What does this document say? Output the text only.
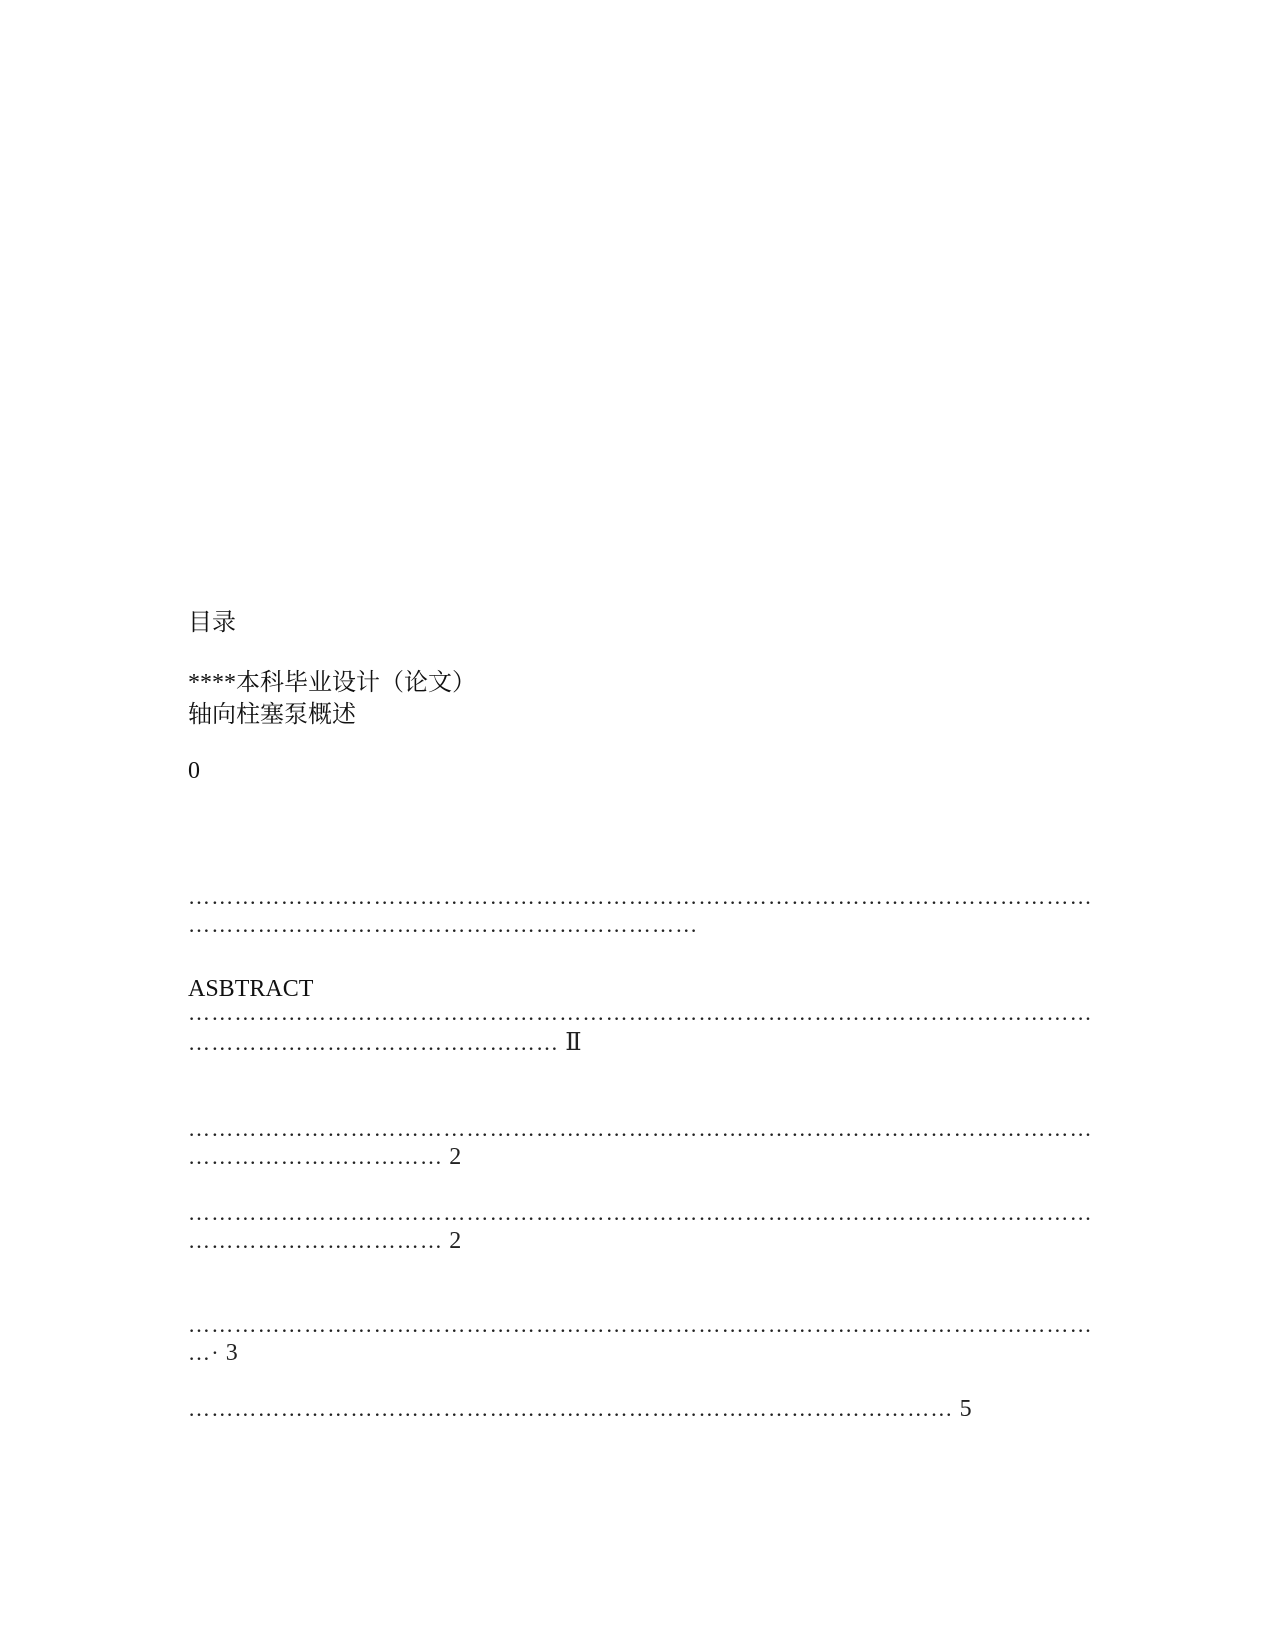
目录
****本科毕业设计（论文）
轴向柱塞泵概述
0
………………………………………………………………………………………………………
…………………………………………………………
ASBTRACT
………………………………………………………………………………………………………
………………………………………… Ⅱ
………………………………………………………………………………………………………
…………………………… 2
………………………………………………………………………………………………………
…………………………… 2
………………………………………………………………………………………………………
…· 3
……………………………………………………………………………………… 5
